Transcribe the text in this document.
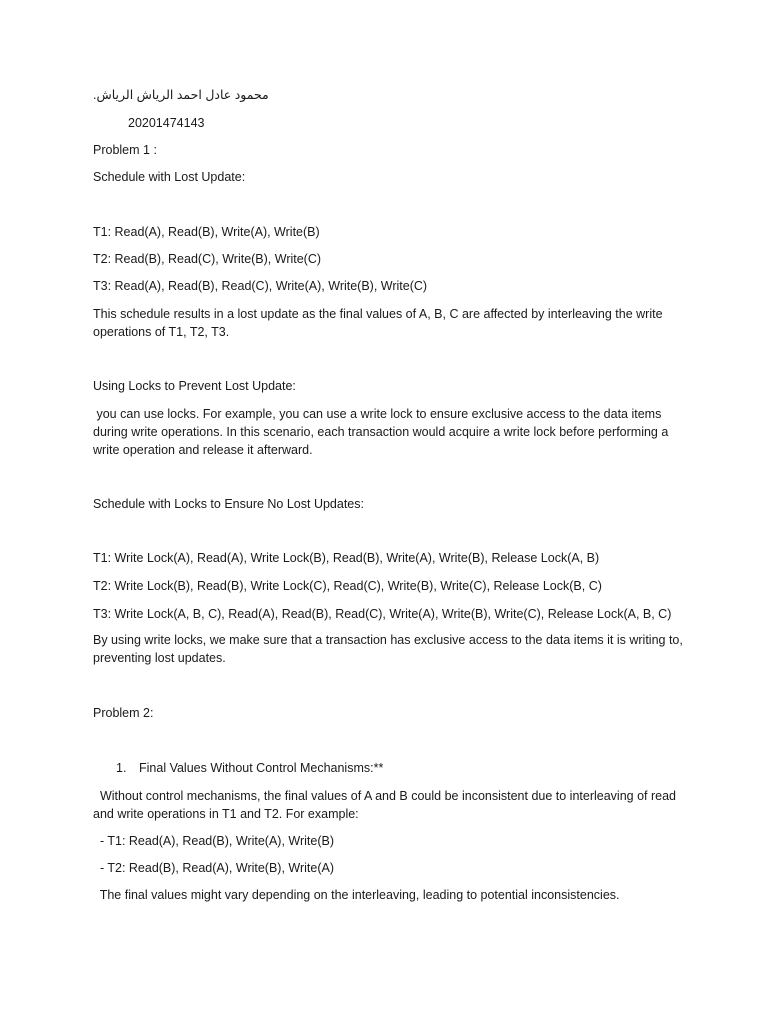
محمود عادل احمد الرياش الرياش.
20201474143
Problem 1 :
Schedule with Lost Update:
T1: Read(A), Read(B), Write(A), Write(B)
T2: Read(B), Read(C), Write(B), Write(C)
T3: Read(A), Read(B), Read(C), Write(A), Write(B), Write(C)
This schedule results in a lost update as the final values of A, B, C are affected by interleaving the write operations of T1, T2, T3.
Using Locks to Prevent Lost Update:
you can use locks. For example, you can use a write lock to ensure exclusive access to the data items during write operations. In this scenario, each transaction would acquire a write lock before performing a write operation and release it afterward.
Schedule with Locks to Ensure No Lost Updates:
T1: Write Lock(A), Read(A), Write Lock(B), Read(B), Write(A), Write(B), Release Lock(A, B)
T2: Write Lock(B), Read(B), Write Lock(C), Read(C), Write(B), Write(C), Release Lock(B, C)
T3: Write Lock(A, B, C), Read(A), Read(B), Read(C), Write(A), Write(B), Write(C), Release Lock(A, B, C)
By using write locks, we make sure that a transaction has exclusive access to the data items it is writing to, preventing lost updates.
Problem 2:
1.	Final Values Without Control Mechanisms:**
Without control mechanisms, the final values of A and B could be inconsistent due to interleaving of read and write operations in T1 and T2. For example:
- T1: Read(A), Read(B), Write(A), Write(B)
- T2: Read(B), Read(A), Write(B), Write(A)
The final values might vary depending on the interleaving, leading to potential inconsistencies.
